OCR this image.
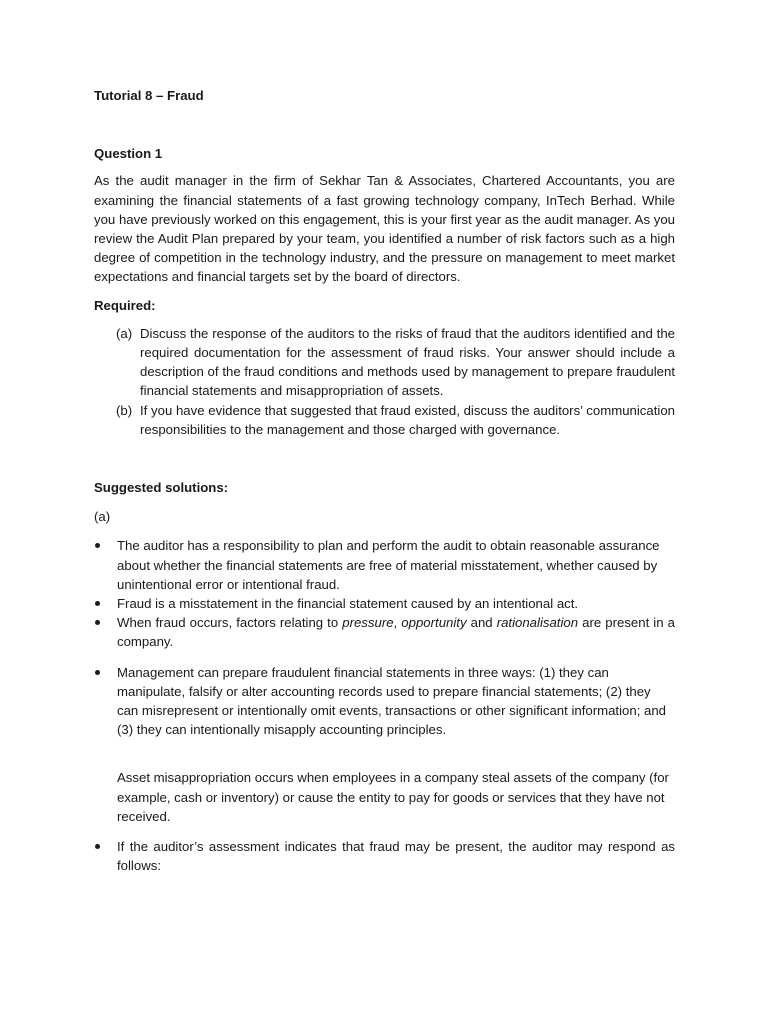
Tutorial 8 – Fraud

Question 1

As the audit manager in the firm of Sekhar Tan & Associates, Chartered Accountants, you are examining the financial statements of a fast growing technology company, InTech Berhad. While you have previously worked on this engagement, this is your first year as the audit manager. As you review the Audit Plan prepared by your team, you identified a number of risk factors such as a high degree of competition in the technology industry, and the pressure on management to meet market expectations and financial targets set by the board of directors.

Required:

(a) Discuss the response of the auditors to the risks of fraud that the auditors identified and the required documentation for the assessment of fraud risks. Your answer should include a description of the fraud conditions and methods used by management to prepare fraudulent financial statements and misappropriation of assets.
(b) If you have evidence that suggested that fraud existed, discuss the auditors’ communication responsibilities to the management and those charged with governance.

Suggested solutions:

(a)

The auditor has a responsibility to plan and perform the audit to obtain reasonable assurance about whether the financial statements are free of material misstatement, whether caused by unintentional error or intentional fraud.
Fraud is a misstatement in the financial statement caused by an intentional act.
When fraud occurs, factors relating to pressure, opportunity and rationalisation are present in a company.
Management can prepare fraudulent financial statements in three ways: (1) they can manipulate, falsify or alter accounting records used to prepare financial statements; (2) they can misrepresent or intentionally omit events, transactions or other significant information; and (3) they can intentionally misapply accounting principles.

Asset misappropriation occurs when employees in a company steal assets of the company (for example, cash or inventory) or cause the entity to pay for goods or services that they have not received.

If the auditor’s assessment indicates that fraud may be present, the auditor may respond as follows:
